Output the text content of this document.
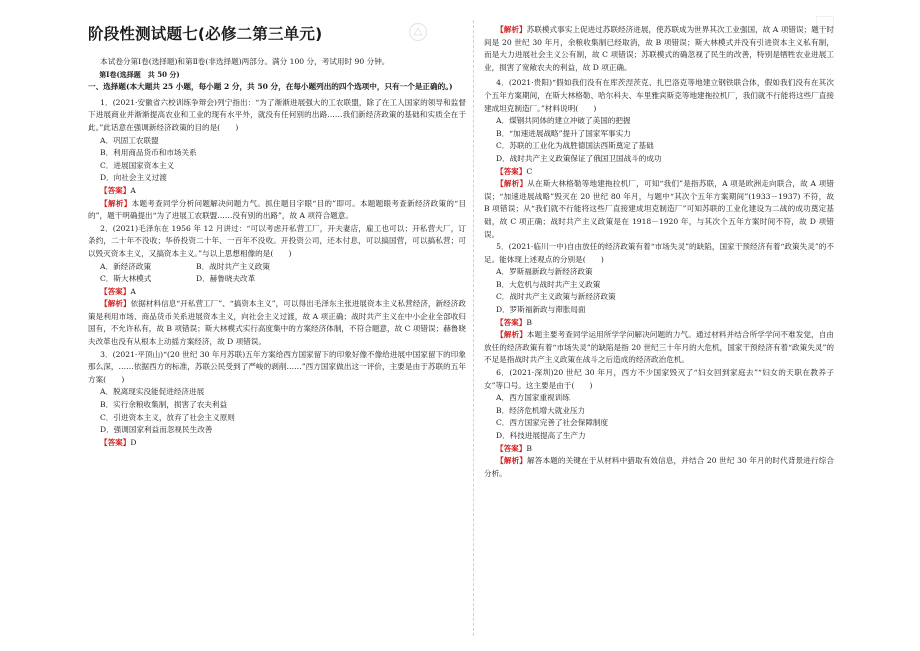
阶段性测试题七(必修二第三单元)

本试卷分第Ⅰ卷(选择题)和第Ⅱ卷(非选择题)两部分。满分 100 分，考试用时 90 分钟。

第Ⅰ卷(选择题　共 50 分)

一、选择题(本大题共 25 小题，每小题 2 分，共 50 分，在每小题列出的四个选项中，只有一个是正确的。)

1．(2021·安徽省六校训练争辩会)列宁指出：“为了渐渐进展强大的工农联盟，除了在工人国家的领导和监督下进展商业并渐渐提高农业和工业的现有水平外，就没有任何别的出路……我们新经济政策的基础和实质全在于此。”此话意在强调新经济政策的目的是(　　)

A．巩固工农联盟

B．利用商品货币和市场关系

C．进展国家资本主义

D．向社会主义过渡

【答案】A

【解析】本题考查同学分析问题解决问题力气。抓住题目字眼“目的”即可。本题题眼考查新经济政策的“目的”，题干明确提出“为了进展工农联盟……没有别的出路”，故 A 项符合题意。

2．(2021)毛泽东在 1956 年 12 月讲过：“可以考虑开私营工厂，开夫妻店，雇工也可以；开私营大厂，订条约，二十年不没收；华侨投资二十年、一百年不没收。开投资公司，还本付息，可以搞国营，可以搞私营；可以毁灭资本主义，又搞资本主义。”与以上思想相像的是(　　)

A．新经济政策	B．战时共产主义政策
C．斯大林模式	D．赫鲁晓夫改革

【答案】A

【解析】依据材料信息“开私营工厂”、“搞资本主义”，可以得出毛泽东主张进展资本主义私营经济，新经济政策是利用市场、商品货币关系进展资本主义，向社会主义过渡，故 A 项正确；战时共产主义在中小企业全部收归国有，不允许私有，故 B 项错误；斯大林模式实行高度集中的方案经济体制，不符合题意，故 C 项错误；赫鲁晓夫改革也没有从根本上动摇方案经济，故 D 项错误。

3．(2021·平顶山)“(20 世纪 30 年月苏联)五年方案给西方国家留下的印象好像不像给进展中国家留下的印象那么深，……依据西方的标准，苏联公民受到了严峻的剥削……”西方国家做出这一评价，主要是由于苏联的五年方案(　　)

A．脱离现实没能促进经济进展

B．实行余粮收集制，损害了农夫利益

C．引进资本主义，放弃了社会主义原则

D．强调国家利益而忽视民生改善

【答案】D

【解析】苏联模式事实上促进过苏联经济进展，使苏联成为世界其次工业强国，故 A 项错误；题干时间是 20 世纪 30 年月，余粮收集制已经取消，故 B 项错误；斯大林模式并没有引进资本主义私有制，而是大力进展社会主义公有制，故 C 项错误；苏联模式的确忽视了民生的改善，特别是牺牲农业进展工业，损害了宽敞农夫的利益，故 D 项正确。

4．(2021·贵阳)“假如我们没有在库茨涅茨克、扎巴洛克等地建立钢铁联合体，假如我们没有在其次个五年方案期间，在斯大林格勒、哈尔科夫、车里雅宾斯克等地建拖拉机厂，我们就不行能将这些厂直接建成坦克制造厂。”材料说明(　　)

A．煤钢共同体的建立冲破了美国的把握

B．“加速进展战略”提升了国家军事实力

C．苏联的工业化为战胜德国法西斯奠定了基础

D．战时共产主义政策保证了俄国卫国战斗的成功

【答案】C

【解析】从在斯大林格勒等地建拖拉机厂，可知“我们”是指苏联，A 项是欧洲走向联合，故 A 项错误；“加速进展战略”毁灭在 20 世纪 80 年月，与题中“其次个五年方案期间”(1933－1937) 不符，故 B 项错误；从“我们就不行能将这些厂直接建成坦克制造厂”可知苏联的工业化建设为二战的成功奠定基础，故 C 项正确；战时共产主义政策是在 1918－1920 年，与其次个五年方案时间不符，故 D 项错误。

5．(2021·临川一中)自由放任的经济政策有着“市场失灵”的缺陷，国家干预经济有着“政策失灵”的不足。能体现上述观点的分别是(　　)

A．罗斯福新政与新经济政策

B．大危机与战时共产主义政策

C．战时共产主义政策与新经济政策

D．罗斯福新政与滞胀局面

【答案】B

【解析】本题主要考查同学运用所学学问解决问题的力气。通过材料并结合所学学问不难发觉，自由放任的经济政策有着“市场失灵”的缺陷是指 20 世纪三十年月的大危机，国家干预经济有着“政策失灵”的不足是指战时共产主义政策在战斗之后造成的经济政治危机。

6．(2021·深圳)20 世纪 30 年月，西方不少国家毁灭了“妇女回到家庭去”“妇女的天职在教养子女”等口号。这主要是由于(　　)

A．西方国家重视训练

B．经济危机增大就业压力

C．西方国家完善了社会保障制度

D．科技进展提高了生产力

【答案】B

【解析】解答本题的关键在于从材料中猎取有效信息，并结合 20 世纪 30 年月的时代背景进行综合分析。
